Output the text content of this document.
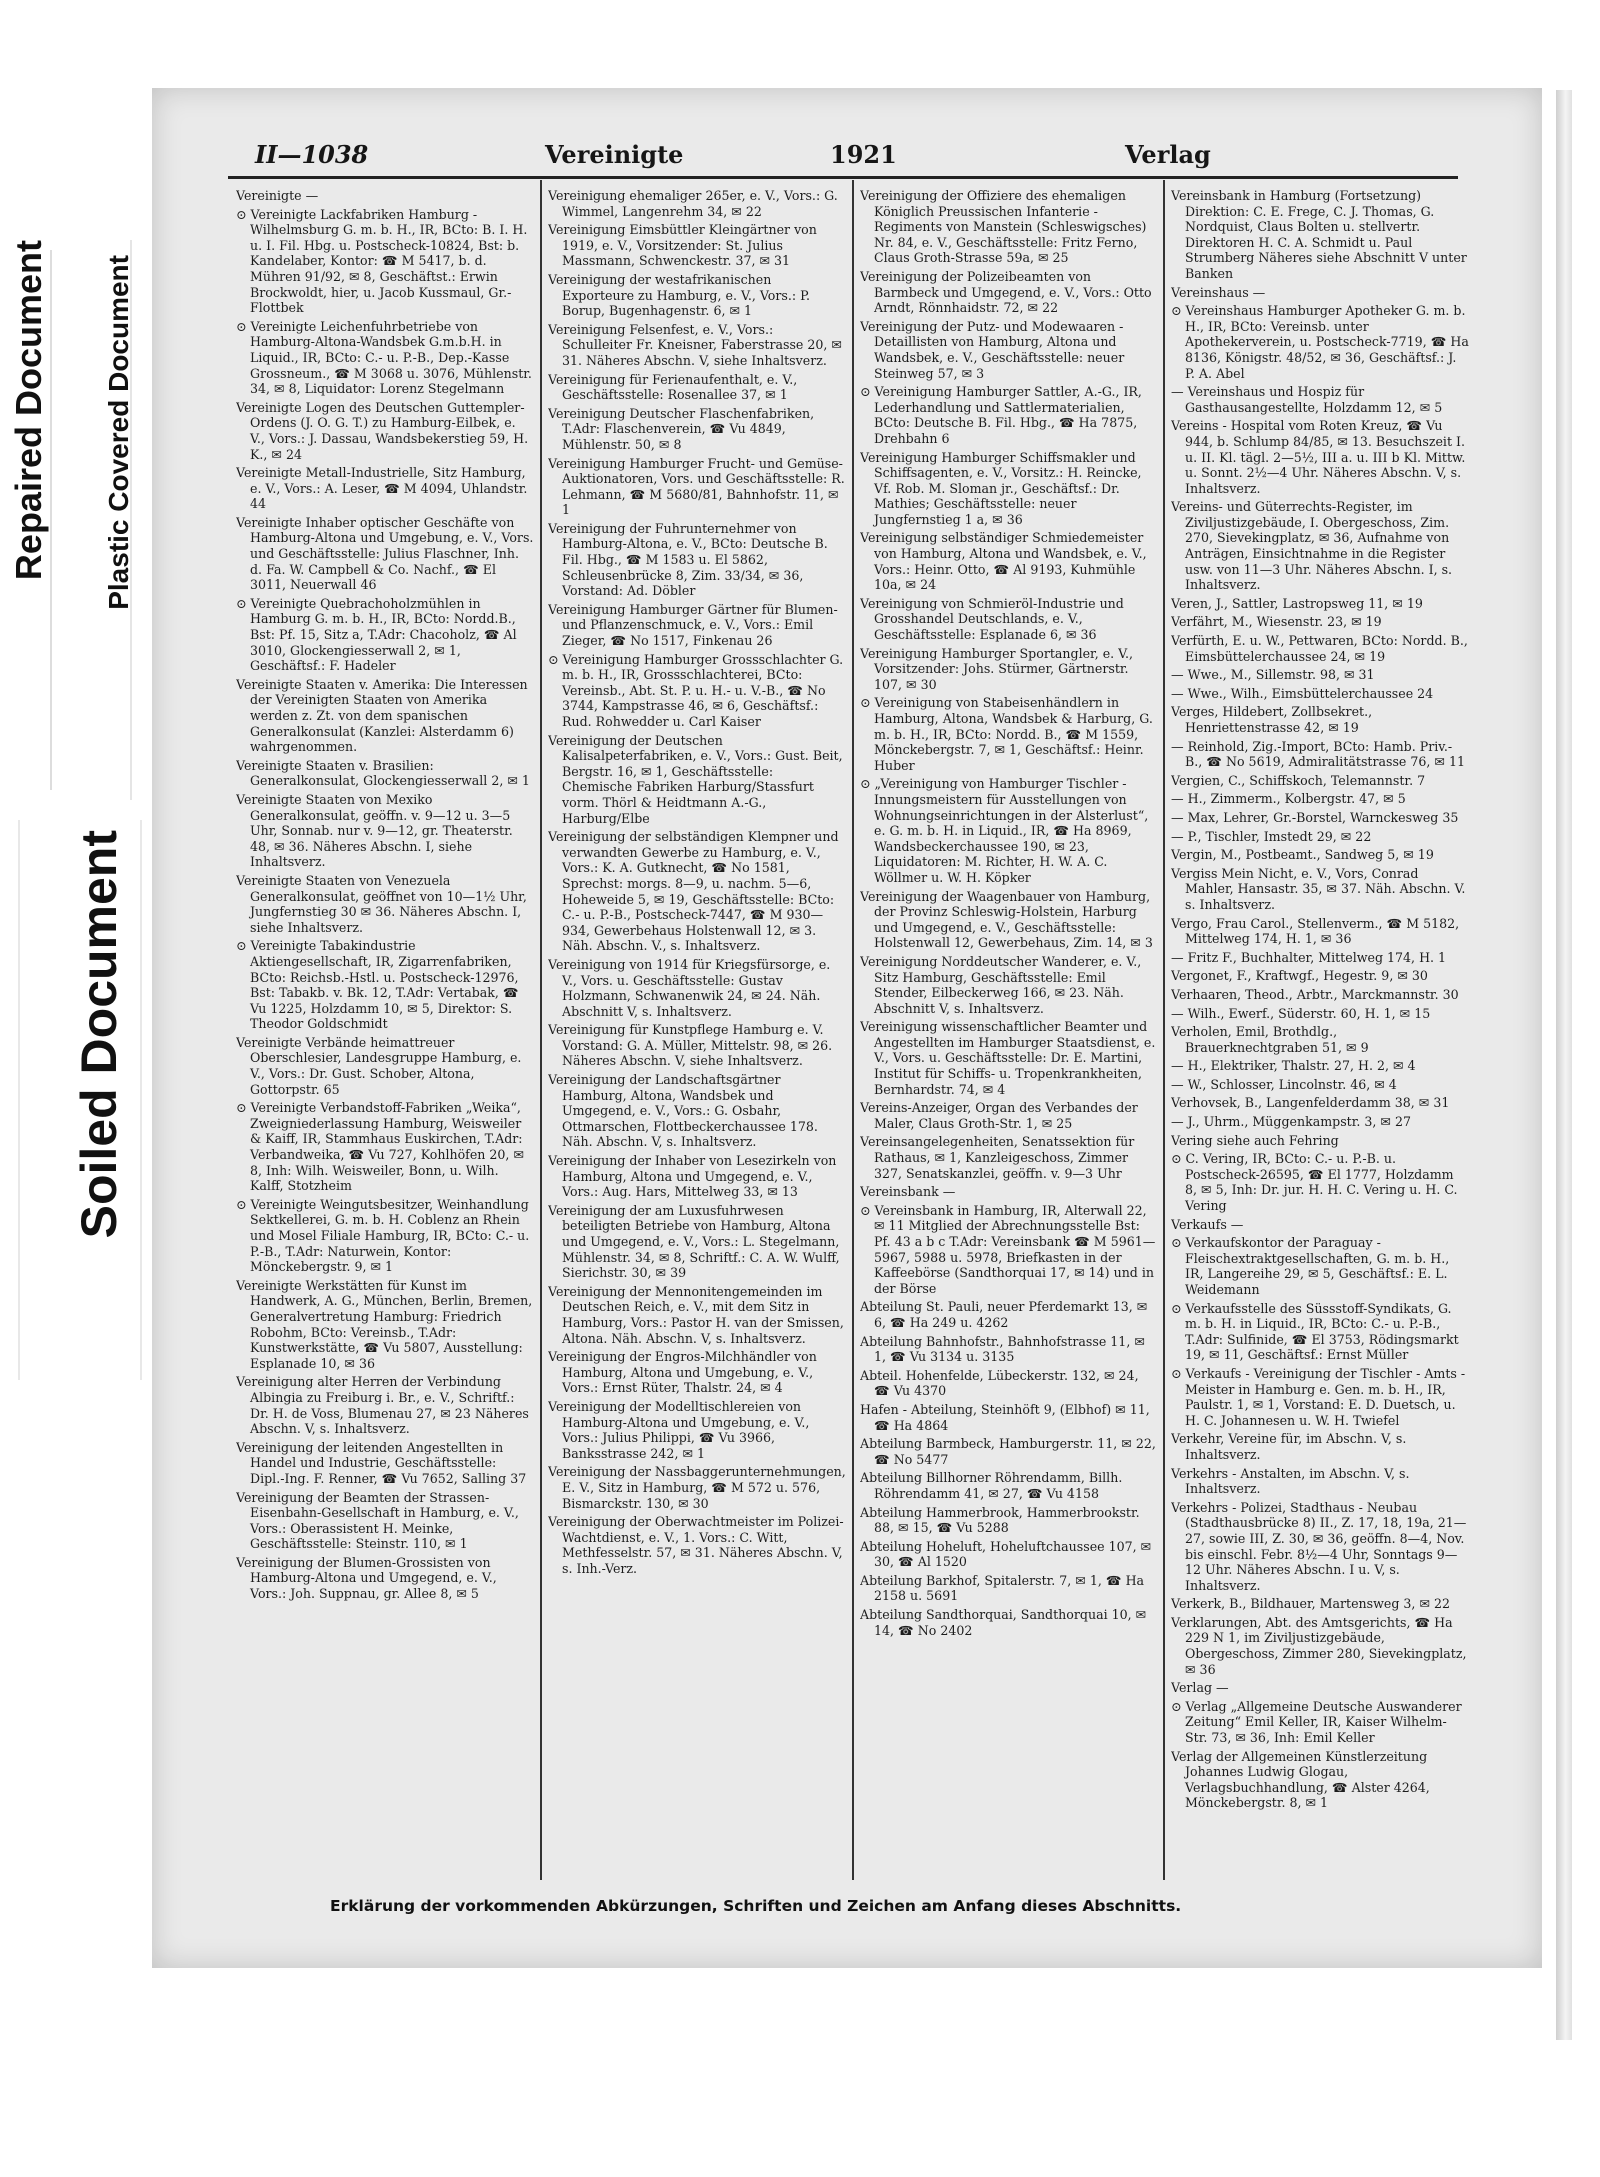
Repaired Document Plastic Covered Document
Soiled Document
II—1038	Vereinigte	1921	Verlag
Vereinigte —
⊙ Vereinigte Lackfabriken Hamburg - Wilhelmsburg G. m. b. H., IR, BCto: B. I. H. u. I. Fil. Hbg. u. Postscheck-10824, Bst: b. Kandelaber, Kontor: ☎ M 5417, b. d. Mühren 91/92, ✉ 8, Geschäftst.: Erwin Brockwoldt, hier, u. Jacob Kussmaul, Gr.-Flottbek
⊙ Vereinigte Leichenfuhrbetriebe von Hamburg-Altona-Wandsbek G.m.b.H. in Liquid., IR, BCto: C.- u. P.-B., Dep.-Kasse Grossneum., ☎ M 3068 u. 3076, Mühlenstr. 34, ✉ 8, Liquidator: Lorenz Stegelmann
Vereinigte Logen des Deutschen Guttempler-Ordens (J. O. G. T.) zu Hamburg-Eilbek, e. V., Vors.: J. Dassau, Wandsbekerstieg 59, H. K., ✉ 24
Vereinigte Metall-Industrielle, Sitz Hamburg, e. V., Vors.: A. Leser, ☎ M 4094, Uhlandstr. 44
Vereinigte Inhaber optischer Geschäfte von Hamburg-Altona und Umgebung, e. V., Vors. und Geschäftsstelle: Julius Flaschner, Inh. d. Fa. W. Campbell & Co. Nachf., ☎ El 3011, Neuerwall 46
⊙ Vereinigte Quebrachoholzmühlen in Hamburg G. m. b. H., IR, BCto: Nordd.B., Bst: Pf. 15, Sitz a, T.Adr: Chacoholz, ☎ Al 3010, Glockengiesserwall 2, ✉ 1, Geschäftsf.: F. Hadeler
Vereinigte Staaten v. Amerika: Die Interessen der Vereinigten Staaten von Amerika werden z. Zt. von dem spanischen Generalkonsulat (Kanzlei: Alsterdamm 6) wahrgenommen.
Vereinigte Staaten v. Brasilien: Generalkonsulat, Glockengiesserwall 2, ✉ 1
Vereinigte Staaten von Mexiko Generalkonsulat, geöffn. v. 9—12 u. 3—5 Uhr, Sonnab. nur v. 9—12, gr. Theaterstr. 48, ✉ 36. Näheres Abschn. I, siehe Inhaltsverz.
Vereinigte Staaten von Venezuela Generalkonsulat, geöffnet von 10—1½ Uhr, Jungfernstieg 30 ✉ 36. Näheres Abschn. I, siehe Inhaltsverz.
⊙ Vereinigte Tabakindustrie Aktiengesellschaft, IR, Zigarrenfabriken, BCto: Reichsb.-Hstl. u. Postscheck-12976, Bst: Tabakb. v. Bk. 12, T.Adr: Vertabak, ☎ Vu 1225, Holzdamm 10, ✉ 5, Direktor: S. Theodor Goldschmidt
Vereinigte Verbände heimattreuer Oberschlesier, Landesgruppe Hamburg, e. V., Vors.: Dr. Gust. Schober, Altona, Gottorpstr. 65
⊙ Vereinigte Verbandstoff-Fabriken „Weika“, Zweigniederlassung Hamburg, Weisweiler & Kaiff, IR, Stammhaus Euskirchen, T.Adr: Verbandweika, ☎ Vu 727, Kohlhöfen 20, ✉ 8, Inh: Wilh. Weisweiler, Bonn, u. Wilh. Kalff, Stotzheim
⊙ Vereinigte Weingutsbesitzer, Weinhandlung Sektkellerei, G. m. b. H. Coblenz an Rhein und Mosel Filiale Hamburg, IR, BCto: C.- u. P.-B., T.Adr: Naturwein, Kontor: Mönckebergstr. 9, ✉ 1
Vereinigte Werkstätten für Kunst im Handwerk, A. G., München, Berlin, Bremen, Generalvertretung Hamburg: Friedrich Robohm, BCto: Vereinsb., T.Adr: Kunstwerkstätte, ☎ Vu 5807, Ausstellung: Esplanade 10, ✉ 36
Vereinigung alter Herren der Verbindung Albingia zu Freiburg i. Br., e. V., Schriftf.: Dr. H. de Voss, Blumenau 27, ✉ 23 Näheres Abschn. V, s. Inhaltsverz.
Vereinigung der leitenden Angestellten in Handel und Industrie, Geschäftsstelle: Dipl.-Ing. F. Renner, ☎ Vu 7652, Salling 37
Vereinigung der Beamten der Strassen-Eisenbahn-Gesellschaft in Hamburg, e. V., Vors.: Oberassistent H. Meinke, Geschäftsstelle: Steinstr. 110, ✉ 1
Vereinigung der Blumen-Grossisten von Hamburg-Altona und Umgegend, e. V., Vors.: Joh. Suppnau, gr. Allee 8, ✉ 5
Vereinigung ehemaliger 265er, e. V., Vors.: G. Wimmel, Langenrehm 34, ✉ 22
Vereinigung Eimsbüttler Kleingärtner von 1919, e. V., Vorsitzender: St. Julius Massmann, Schwenckestr. 37, ✉ 31
Vereinigung der westafrikanischen Exporteure zu Hamburg, e. V., Vors.: P. Borup, Bugenhagenstr. 6, ✉ 1
Vereinigung Felsenfest, e. V., Vors.: Schulleiter Fr. Kneisner, Faberstrasse 20, ✉ 31. Näheres Abschn. V, siehe Inhaltsverz.
Vereinigung für Ferienaufenthalt, e. V., Geschäftsstelle: Rosenallee 37, ✉ 1
Vereinigung Deutscher Flaschenfabriken, T.Adr: Flaschenverein, ☎ Vu 4849, Mühlenstr. 50, ✉ 8
Vereinigung Hamburger Frucht- und Gemüse-Auktionatoren, Vors. und Geschäftsstelle: R. Lehmann, ☎ M 5680/81, Bahnhofstr. 11, ✉ 1
Vereinigung der Fuhrunternehmer von Hamburg-Altona, e. V., BCto: Deutsche B. Fil. Hbg., ☎ M 1583 u. El 5862, Schleusenbrücke 8, Zim. 33/34, ✉ 36, Vorstand: Ad. Döbler
Vereinigung Hamburger Gärtner für Blumen- und Pflanzenschmuck, e. V., Vors.: Emil Zieger, ☎ No 1517, Finkenau 26
⊙ Vereinigung Hamburger Grossschlachter G. m. b. H., IR, Grossschlachterei, BCto: Vereinsb., Abt. St. P. u. H.- u. V.-B., ☎ No 3744, Kampstrasse 46, ✉ 6, Geschäftsf.: Rud. Rohwedder u. Carl Kaiser
Vereinigung der Deutschen Kalisalpeterfabriken, e. V., Vors.: Gust. Beit, Bergstr. 16, ✉ 1, Geschäftsstelle: Chemische Fabriken Harburg/Stassfurt vorm. Thörl & Heidtmann A.-G., Harburg/Elbe
Vereinigung der selbständigen Klempner und verwandten Gewerbe zu Hamburg, e. V., Vors.: K. A. Gutknecht, ☎ No 1581, Sprechst: morgs. 8—9, u. nachm. 5—6, Hoheweide 5, ✉ 19, Geschäftsstelle: BCto: C.- u. P.-B., Postscheck-7447, ☎ M 930—934, Gewerbehaus Holstenwall 12, ✉ 3. Näh. Abschn. V., s. Inhaltsverz.
Vereinigung von 1914 für Kriegsfürsorge, e. V., Vors. u. Geschäftsstelle: Gustav Holzmann, Schwanenwik 24, ✉ 24. Näh. Abschnitt V, s. Inhaltsverz.
Vereinigung für Kunstpflege Hamburg e. V. Vorstand: G. A. Müller, Mittelstr. 98, ✉ 26. Näheres Abschn. V, siehe Inhaltsverz.
Vereinigung der Landschaftsgärtner Hamburg, Altona, Wandsbek und Umgegend, e. V., Vors.: G. Osbahr, Ottmarschen, Flottbeckerchaussee 178. Näh. Abschn. V, s. Inhaltsverz.
Vereinigung der Inhaber von Lesezirkeln von Hamburg, Altona und Umgegend, e. V., Vors.: Aug. Hars, Mittelweg 33, ✉ 13
Vereinigung der am Luxusfuhrwesen beteiligten Betriebe von Hamburg, Altona und Umgegend, e. V., Vors.: L. Stegelmann, Mühlenstr. 34, ✉ 8, Schriftf.: C. A. W. Wulff, Sierichstr. 30, ✉ 39
Vereinigung der Mennonitengemeinden im Deutschen Reich, e. V., mit dem Sitz in Hamburg, Vors.: Pastor H. van der Smissen, Altona. Näh. Abschn. V, s. Inhaltsverz.
Vereinigung der Engros-Milchhändler von Hamburg, Altona und Umgebung, e. V., Vors.: Ernst Rüter, Thalstr. 24, ✉ 4
Vereinigung der Modelltischlereien von Hamburg-Altona und Umgebung, e. V., Vors.: Julius Philippi, ☎ Vu 3966, Banksstrasse 242, ✉ 1
Vereinigung der Nassbaggerunternehmungen, E. V., Sitz in Hamburg, ☎ M 572 u. 576, Bismarckstr. 130, ✉ 30
Vereinigung der Oberwachtmeister im Polizei-Wachtdienst, e. V., 1. Vors.: C. Witt, Methfesselstr. 57, ✉ 31. Näheres Abschn. V, s. Inh.-Verz.
Vereinigung der Offiziere des ehemaligen Königlich Preussischen Infanterie - Regiments von Manstein (Schleswigsches) Nr. 84, e. V., Geschäftsstelle: Fritz Ferno, Claus Groth-Strasse 59a, ✉ 25
Vereinigung der Polizeibeamten von Barmbeck und Umgegend, e. V., Vors.: Otto Arndt, Rönnhaidstr. 72, ✉ 22
Vereinigung der Putz- und Modewaaren - Detaillisten von Hamburg, Altona und Wandsbek, e. V., Geschäftsstelle: neuer Steinweg 57, ✉ 3
⊙ Vereinigung Hamburger Sattler, A.-G., IR, Lederhandlung und Sattlermaterialien, BCto: Deutsche B. Fil. Hbg., ☎ Ha 7875, Drehbahn 6
Vereinigung Hamburger Schiffsmakler und Schiffsagenten, e. V., Vorsitz.: H. Reincke, Vf. Rob. M. Sloman jr., Geschäftsf.: Dr. Mathies; Geschäftsstelle: neuer Jungfernstieg 1 a, ✉ 36
Vereinigung selbständiger Schmiedemeister von Hamburg, Altona und Wandsbek, e. V., Vors.: Heinr. Otto, ☎ Al 9193, Kuhmühle 10a, ✉ 24
Vereinigung von Schmieröl-Industrie und Grosshandel Deutschlands, e. V., Geschäftsstelle: Esplanade 6, ✉ 36
Vereinigung Hamburger Sportangler, e. V., Vorsitzender: Johs. Stürmer, Gärtnerstr. 107, ✉ 30
⊙ Vereinigung von Stabeisenhändlern in Hamburg, Altona, Wandsbek & Harburg, G. m. b. H., IR, BCto: Nordd. B., ☎ M 1559, Mönckebergstr. 7, ✉ 1, Geschäftsf.: Heinr. Huber
⊙ „Vereinigung von Hamburger Tischler - Innungsmeistern für Ausstellungen von Wohnungseinrichtungen in der Alsterlust“, e. G. m. b. H. in Liquid., IR, ☎ Ha 8969, Wandsbeckerchaussee 190, ✉ 23, Liquidatoren: M. Richter, H. W. A. C. Wöllmer u. W. H. Köpker
Vereinigung der Waagenbauer von Hamburg, der Provinz Schleswig-Holstein, Harburg und Umgegend, e. V., Geschäftsstelle: Holstenwall 12, Gewerbehaus, Zim. 14, ✉ 3
Vereinigung Norddeutscher Wanderer, e. V., Sitz Hamburg, Geschäftsstelle: Emil Stender, Eilbeckerweg 166, ✉ 23. Näh. Abschnitt V, s. Inhaltsverz.
Vereinigung wissenschaftlicher Beamter und Angestellten im Hamburger Staatsdienst, e. V., Vors. u. Geschäftsstelle: Dr. E. Martini, Institut für Schiffs- u. Tropenkrankheiten, Bernhardstr. 74, ✉ 4
Vereins-Anzeiger, Organ des Verbandes der Maler, Claus Groth-Str. 1, ✉ 25
Vereinsangelegenheiten, Senatssektion für Rathaus, ✉ 1, Kanzleigeschoss, Zimmer 327, Senatskanzlei, geöffn. v. 9—3 Uhr
Vereinsbank —
⊙ Vereinsbank in Hamburg, IR, Alterwall 22, ✉ 11 Mitglied der Abrechnungsstelle Bst: Pf. 43 a b c T.Adr: Vereinsbank ☎ M 5961—5967, 5988 u. 5978, Briefkasten in der Kaffeebörse (Sandthorquai 17, ✉ 14) und in der Börse
Abteilung St. Pauli, neuer Pferdemarkt 13, ✉ 6, ☎ Ha 249 u. 4262
Abteilung Bahnhofstr., Bahnhofstrasse 11, ✉ 1, ☎ Vu 3134 u. 3135
Abteil. Hohenfelde, Lübeckerstr. 132, ✉ 24, ☎ Vu 4370
Hafen - Abteilung, Steinhöft 9, (Elbhof) ✉ 11, ☎ Ha 4864
Abteilung Barmbeck, Hamburgerstr. 11, ✉ 22, ☎ No 5477
Abteilung Billhorner Röhrendamm, Billh. Röhrendamm 41, ✉ 27, ☎ Vu 4158
Abteilung Hammerbrook, Hammerbrookstr. 88, ✉ 15, ☎ Vu 5288
Abteilung Hoheluft, Hoheluftchaussee 107, ✉ 30, ☎ Al 1520
Abteilung Barkhof, Spitalerstr. 7, ✉ 1, ☎ Ha 2158 u. 5691
Abteilung Sandthorquai, Sandthorquai 10, ✉ 14, ☎ No 2402
Vereinsbank in Hamburg (Fortsetzung) Direktion: C. E. Frege, C. J. Thomas, G. Nordquist, Claus Bolten u. stellvertr. Direktoren H. C. A. Schmidt u. Paul Strumberg Näheres siehe Abschnitt V unter Banken
Vereinshaus —
⊙ Vereinshaus Hamburger Apotheker G. m. b. H., IR, BCto: Vereinsb. unter Apothekerverein, u. Postscheck-7719, ☎ Ha 8136, Königstr. 48/52, ✉ 36, Geschäftsf.: J. P. A. Abel
— Vereinshaus und Hospiz für Gasthausangestellte, Holzdamm 12, ✉ 5
Vereins - Hospital vom Roten Kreuz, ☎ Vu 944, b. Schlump 84/85, ✉ 13. Besuchszeit I. u. II. Kl. tägl. 2—5½, III a. u. III b Kl. Mittw. u. Sonnt. 2½—4 Uhr. Näheres Abschn. V, s. Inhaltsverz.
Vereins- und Güterrechts-Register, im Ziviljustizgebäude, I. Obergeschoss, Zim. 270, Sievekingplatz, ✉ 36, Aufnahme von Anträgen, Einsichtnahme in die Register usw. von 11—3 Uhr. Näheres Abschn. I, s. Inhaltsverz.
Veren, J., Sattler, Lastropsweg 11, ✉ 19
Verfährt, M., Wiesenstr. 23, ✉ 19
Verfürth, E. u. W., Pettwaren, BCto: Nordd. B., Eimsbüttelerchaussee 24, ✉ 19
— Wwe., M., Sillemstr. 98, ✉ 31
— Wwe., Wilh., Eimsbüttelerchaussee 24
Verges, Hildebert, Zollbsekret., Henriettenstrasse 42, ✉ 19
— Reinhold, Zig.-Import, BCto: Hamb. Priv.-B., ☎ No 5619, Admiralitätstrasse 76, ✉ 11
Vergien, C., Schiffskoch, Telemannstr. 7
— H., Zimmerm., Kolbergstr. 47, ✉ 5
— Max, Lehrer, Gr.-Borstel, Warnckesweg 35
— P., Tischler, Imstedt 29, ✉ 22
Vergin, M., Postbeamt., Sandweg 5, ✉ 19
Vergiss Mein Nicht, e. V., Vors, Conrad Mahler, Hansastr. 35, ✉ 37. Näh. Abschn. V. s. Inhaltsverz.
Vergo, Frau Carol., Stellenverm., ☎ M 5182, Mittelweg 174, H. 1, ✉ 36
— Fritz F., Buchhalter, Mittelweg 174, H. 1
Vergonet, F., Kraftwgf., Hegestr. 9, ✉ 30
Verhaaren, Theod., Arbtr., Marckmannstr. 30
— Wilh., Ewerf., Süderstr. 60, H. 1, ✉ 15
Verholen, Emil, Brothdlg., Brauerknechtgraben 51, ✉ 9
— H., Elektriker, Thalstr. 27, H. 2, ✉ 4
— W., Schlosser, Lincolnstr. 46, ✉ 4
Verhovsek, B., Langenfelderdamm 38, ✉ 31
— J., Uhrm., Müggenkampstr. 3, ✉ 27
Vering siehe auch Fehring
⊙ C. Vering, IR, BCto: C.- u. P.-B. u. Postscheck-26595, ☎ El 1777, Holzdamm 8, ✉ 5, Inh: Dr. jur. H. H. C. Vering u. H. C. Vering
Verkaufs —
⊙ Verkaufskontor der Paraguay - Fleischextraktgesellschaften, G. m. b. H., IR, Langereihe 29, ✉ 5, Geschäftsf.: E. L. Weidemann
⊙ Verkaufsstelle des Süssstoff-Syndikats, G. m. b. H. in Liquid., IR, BCto: C.- u. P.-B., T.Adr: Sulfinide, ☎ El 3753, Rödingsmarkt 19, ✉ 11, Geschäftsf.: Ernst Müller
⊙ Verkaufs - Vereinigung der Tischler - Amts - Meister in Hamburg e. Gen. m. b. H., IR, Paulstr. 1, ✉ 1, Vorstand: E. D. Duetsch, u. H. C. Johannesen u. W. H. Twiefel
Verkehr, Vereine für, im Abschn. V, s. Inhaltsverz.
Verkehrs - Anstalten, im Abschn. V, s. Inhaltsverz.
Verkehrs - Polizei, Stadthaus - Neubau (Stadthausbrücke 8) II., Z. 17, 18, 19a, 21—27, sowie III, Z. 30, ✉ 36, geöffn. 8—4, Nov. bis einschl. Febr. 8½—4 Uhr, Sonntags 9—12 Uhr. Näheres Abschn. I u. V, s. Inhaltsverz.
Verkerk, B., Bildhauer, Martensweg 3, ✉ 22
Verklarungen, Abt. des Amtsgerichts, ☎ Ha 229 N 1, im Ziviljustizgebäude, Obergeschoss, Zimmer 280, Sievekingplatz, ✉ 36
Verlag —
⊙ Verlag „Allgemeine Deutsche Auswanderer Zeitung“ Emil Keller, IR, Kaiser Wilhelm-Str. 73, ✉ 36, Inh: Emil Keller
Verlag der Allgemeinen Künstlerzeitung Johannes Ludwig Glogau, Verlagsbuchhandlung, ☎ Alster 4264, Mönckebergstr. 8, ✉ 1
Erklärung der vorkommenden Abkürzungen, Schriften und Zeichen am Anfang dieses Abschnitts.
